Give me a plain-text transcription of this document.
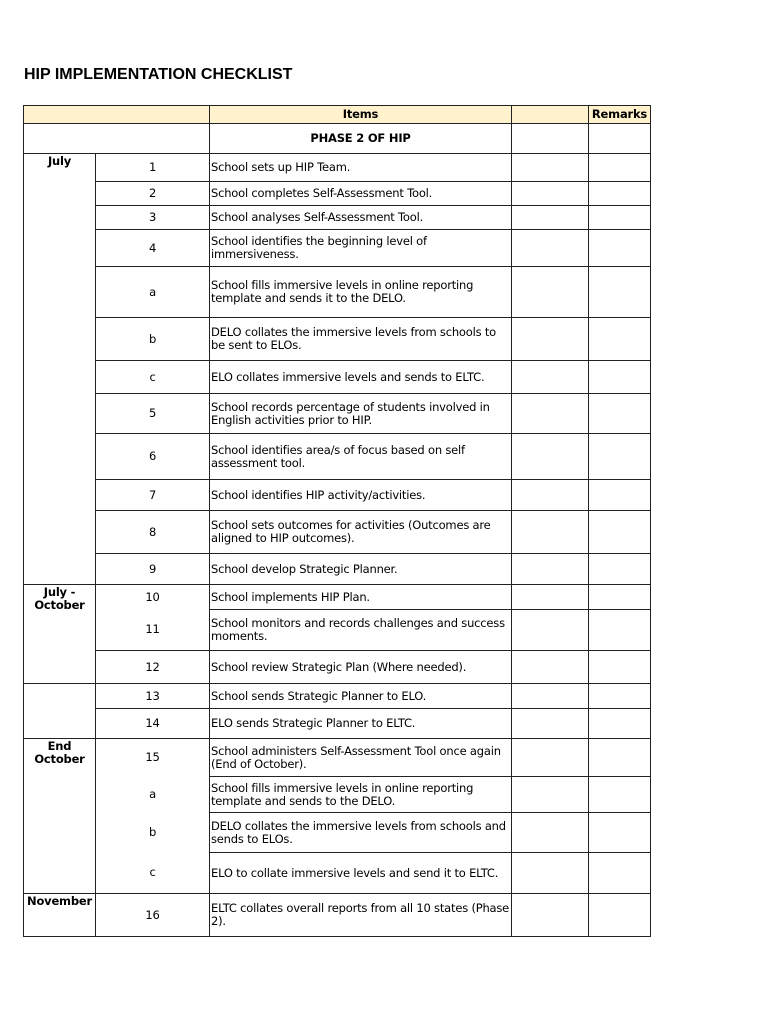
HIP IMPLEMENTATION CHECKLIST
		Items		Remarks
		PHASE 2 OF HIP		
July	1	School sets up HIP Team.		
	2	School completes Self-Assessment Tool.		
	3	School analyses Self-Assessment Tool.		
	4	School identifies the beginning level of immersiveness.		
	a	School fills immersive levels in online reporting template and sends it to the DELO.		
	b	DELO collates the immersive levels from schools to be sent to ELOs.		
	c	ELO collates immersive levels and sends to ELTC.		
	5	School records percentage of students involved in English activities prior to HIP.		
	6	School identifies area/s of focus based on self assessment tool.		
	7	School identifies HIP activity/activities.		
	8	School sets outcomes for activities (Outcomes are aligned to HIP outcomes).		
	9	School develop Strategic Planner.		
July - October	10	School implements HIP Plan.		
	11	School monitors and records challenges and success moments.		
	12	School review Strategic Plan (Where needed).		
	13	School sends Strategic Planner to ELO.		
	14	ELO sends Strategic Planner to ELTC.		
End October	15	School administers Self-Assessment Tool once again (End of October).		
	a	School fills immersive levels in online reporting template and sends to the DELO.		
	b	DELO collates the immersive levels from schools and sends to ELOs.		
	c	ELO to collate immersive levels and send it to ELTC.		
November	16	ELTC collates overall reports from all 10 states (Phase 2).		
